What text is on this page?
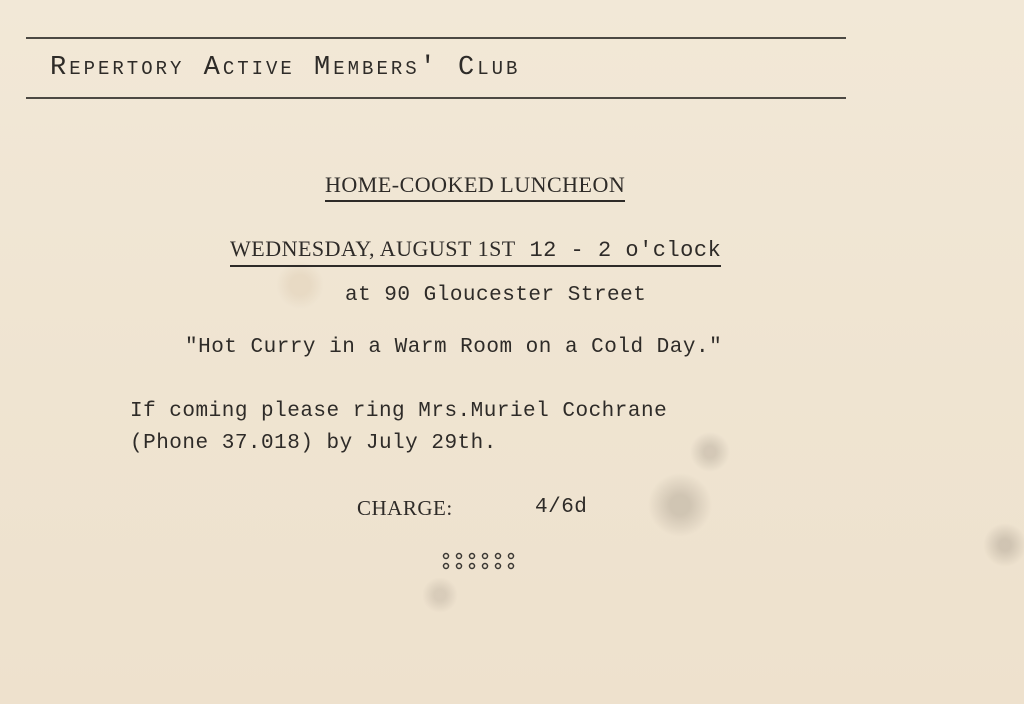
Repertory Active Members' Club
HOME-COOKED LUNCHEON
WEDNESDAY, AUGUST 1ST 12 - 2 o'clock
at 90 Gloucester Street
"Hot Curry in a Warm Room on a Cold Day."
If coming please ring Mrs.Muriel Cochrane
(Phone 37.018) by July 29th.
CHARGE:	4/6d
